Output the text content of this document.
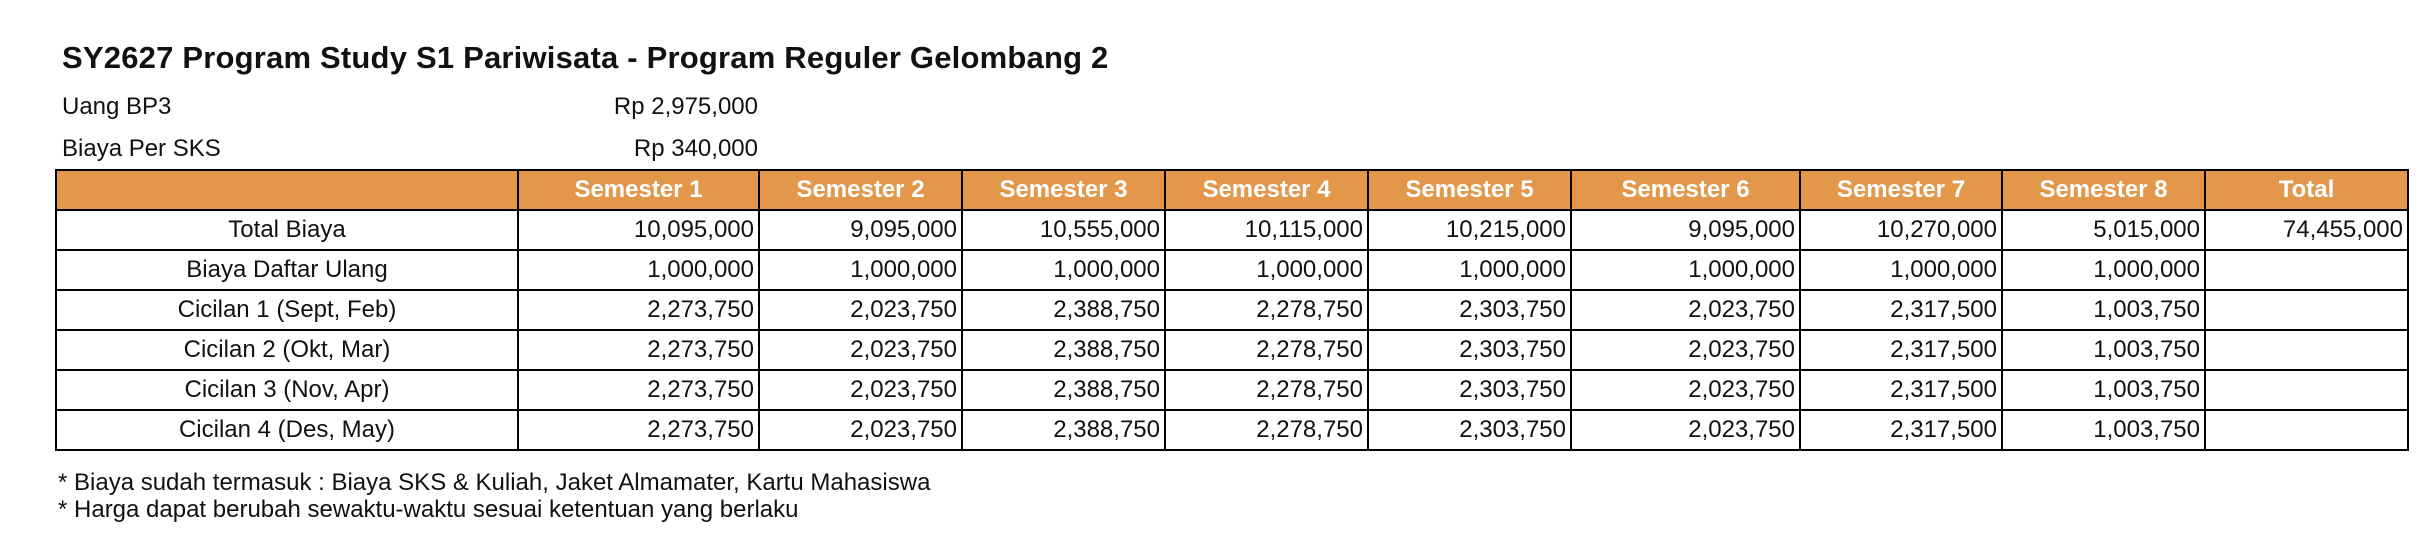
SY2627 Program Study S1 Pariwisata - Program Reguler Gelombang 2
Uang BP3	Rp 2,975,000
Biaya Per SKS	Rp 340,000
	Semester 1	Semester 2	Semester 3	Semester 4	Semester 5	Semester 6	Semester 7	Semester 8	Total
Total Biaya	10,095,000	9,095,000	10,555,000	10,115,000	10,215,000	9,095,000	10,270,000	5,015,000	74,455,000
Biaya Daftar Ulang	1,000,000	1,000,000	1,000,000	1,000,000	1,000,000	1,000,000	1,000,000	1,000,000	
Cicilan 1 (Sept, Feb)	2,273,750	2,023,750	2,388,750	2,278,750	2,303,750	2,023,750	2,317,500	1,003,750	
Cicilan 2 (Okt, Mar)	2,273,750	2,023,750	2,388,750	2,278,750	2,303,750	2,023,750	2,317,500	1,003,750	
Cicilan 3 (Nov, Apr)	2,273,750	2,023,750	2,388,750	2,278,750	2,303,750	2,023,750	2,317,500	1,003,750	
Cicilan 4 (Des, May)	2,273,750	2,023,750	2,388,750	2,278,750	2,303,750	2,023,750	2,317,500	1,003,750	
* Biaya sudah termasuk : Biaya SKS & Kuliah, Jaket Almamater, Kartu Mahasiswa
* Harga dapat berubah sewaktu-waktu sesuai ketentuan yang berlaku
